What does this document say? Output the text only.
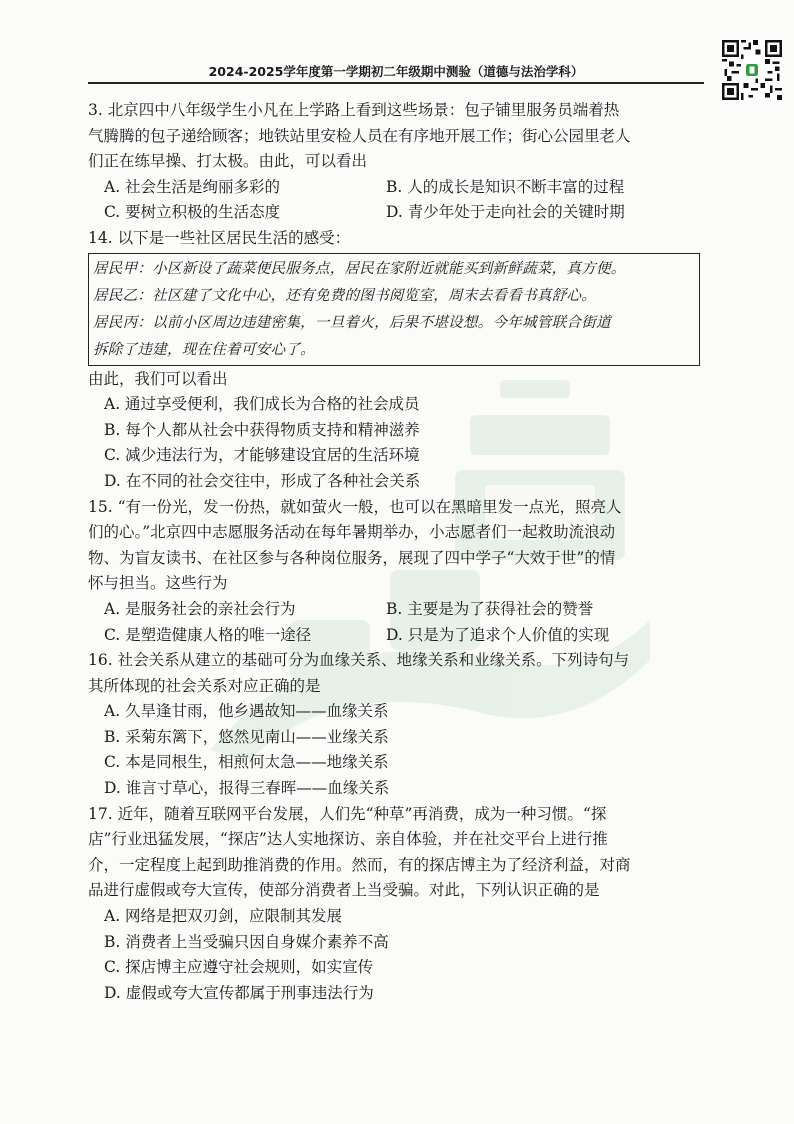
2024-2025学年度第一学期初二年级期中测验（道德与法治学科）

3. 北京四中八年级学生小凡在上学路上看到这些场景：包子铺里服务员端着热

气腾腾的包子递给顾客；地铁站里安检人员在有序地开展工作；街心公园里老人

们正在练早操、打太极。由此，可以看出

A. 社会生活是绚丽多彩的	B. 人的成长是知识不断丰富的过程
C. 要树立积极的生活态度	D. 青少年处于走向社会的关键时期

14. 以下是一些社区居民生活的感受：

居民甲：小区新设了蔬菜便民服务点，居民在家附近就能买到新鲜蔬菜，真方便。

居民乙：社区建了文化中心，还有免费的图书阅览室，周末去看看书真舒心。

居民丙：以前小区周边违建密集，一旦着火，后果不堪设想。今年城管联合街道

拆除了违建，现在住着可安心了。

由此，我们可以看出

A. 通过享受便利，我们成长为合格的社会成员

B. 每个人都从社会中获得物质支持和精神滋养

C. 减少违法行为，才能够建设宜居的生活环境

D. 在不同的社会交往中，形成了各种社会关系

15. “有一份光，发一份热，就如萤火一般，也可以在黑暗里发一点光，照亮人

们的心。”北京四中志愿服务活动在每年暑期举办，小志愿者们一起救助流浪动

物、为盲友读书、在社区参与各种岗位服务，展现了四中学子“大效于世”的情

怀与担当。这些行为

A. 是服务社会的亲社会行为	B. 主要是为了获得社会的赞誉
C. 是塑造健康人格的唯一途径	D. 只是为了追求个人价值的实现

16. 社会关系从建立的基础可分为血缘关系、地缘关系和业缘关系。下列诗句与

其所体现的社会关系对应正确的是

A. 久旱逢甘雨，他乡遇故知——血缘关系

B. 采菊东篱下，悠然见南山——业缘关系

C. 本是同根生，相煎何太急——地缘关系

D. 谁言寸草心，报得三春晖——血缘关系

17. 近年，随着互联网平台发展，人们先“种草”再消费，成为一种习惯。“探

店”行业迅猛发展，“探店”达人实地探访、亲自体验，并在社交平台上进行推

介，一定程度上起到助推消费的作用。然而，有的探店博主为了经济利益，对商

品进行虚假或夸大宣传，使部分消费者上当受骗。对此，下列认识正确的是

A. 网络是把双刃剑，应限制其发展

B. 消费者上当受骗只因自身媒介素养不高

C. 探店博主应遵守社会规则，如实宣传

D. 虚假或夸大宣传都属于刑事违法行为
